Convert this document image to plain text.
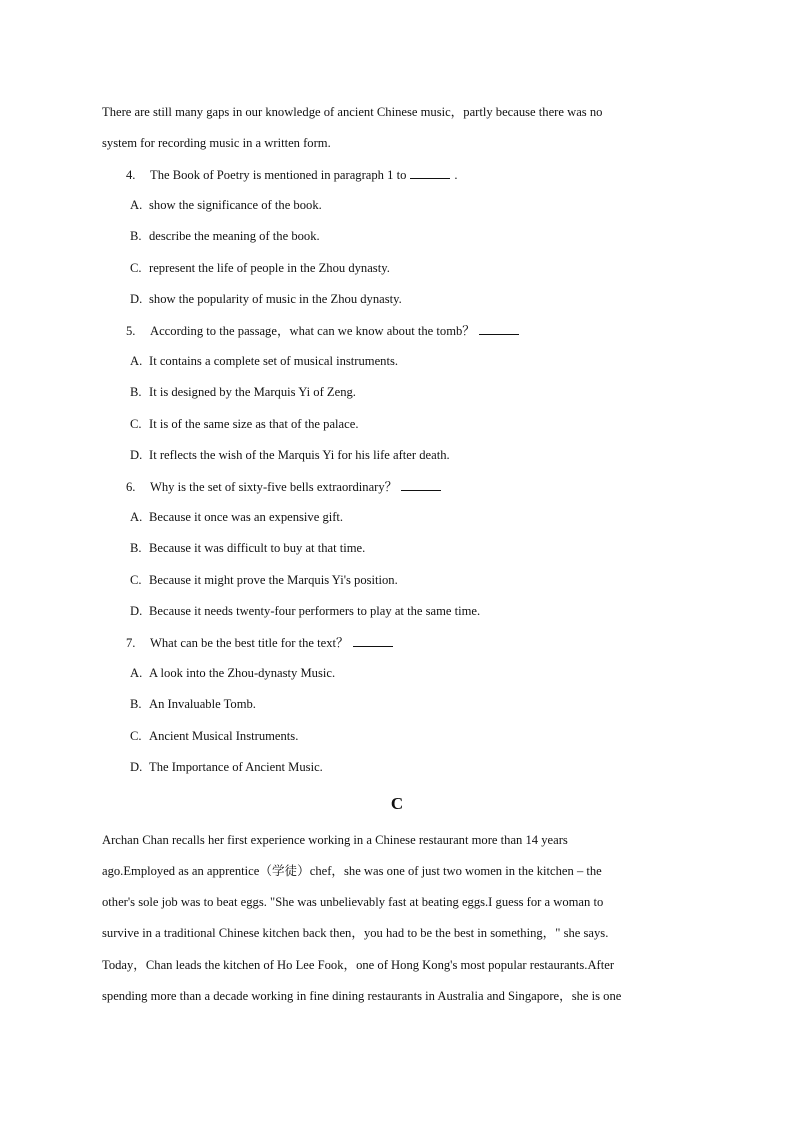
There are still many gaps in our knowledge of ancient Chinese music，partly because there was no
system for recording music in a written form.
4. The Book of Poetry is mentioned in paragraph 1 to	.
A. show the significance of the book.
B. describe the meaning of the book.
C. represent the life of people in the Zhou dynasty.
D. show the popularity of music in the Zhou dynasty.
5. According to the passage，what can we know about the tomb？
A. It contains a complete set of musical instruments.
B. It is designed by the Marquis Yi of Zeng.
C. It is of the same size as that of the palace.
D. It reflects the wish of the Marquis Yi for his life after death.
6. Why is the set of sixty-five bells extraordinary？
A. Because it once was an expensive gift.
B. Because it was difficult to buy at that time.
C. Because it might prove the Marquis Yi's position.
D. Because it needs twenty-four performers to play at the same time.
7. What can be the best title for the text？
A. A look into the Zhou-dynasty Music.
B. An Invaluable Tomb.
C. Ancient Musical Instruments.
D. The Importance of Ancient Music.
C
Archan Chan recalls her first experience working in a Chinese restaurant more than 14 years
ago.Employed as an apprentice（学徒）chef，she was one of just two women in the kitchen – the
other's sole job was to beat eggs. "She was unbelievably fast at beating eggs.I guess for a woman to
survive in a traditional Chinese kitchen back then，you had to be the best in something，" she says.
Today，Chan leads the kitchen of Ho Lee Fook，one of Hong Kong's most popular restaurants.After
spending more than a decade working in fine dining restaurants in Australia and Singapore，she is one
